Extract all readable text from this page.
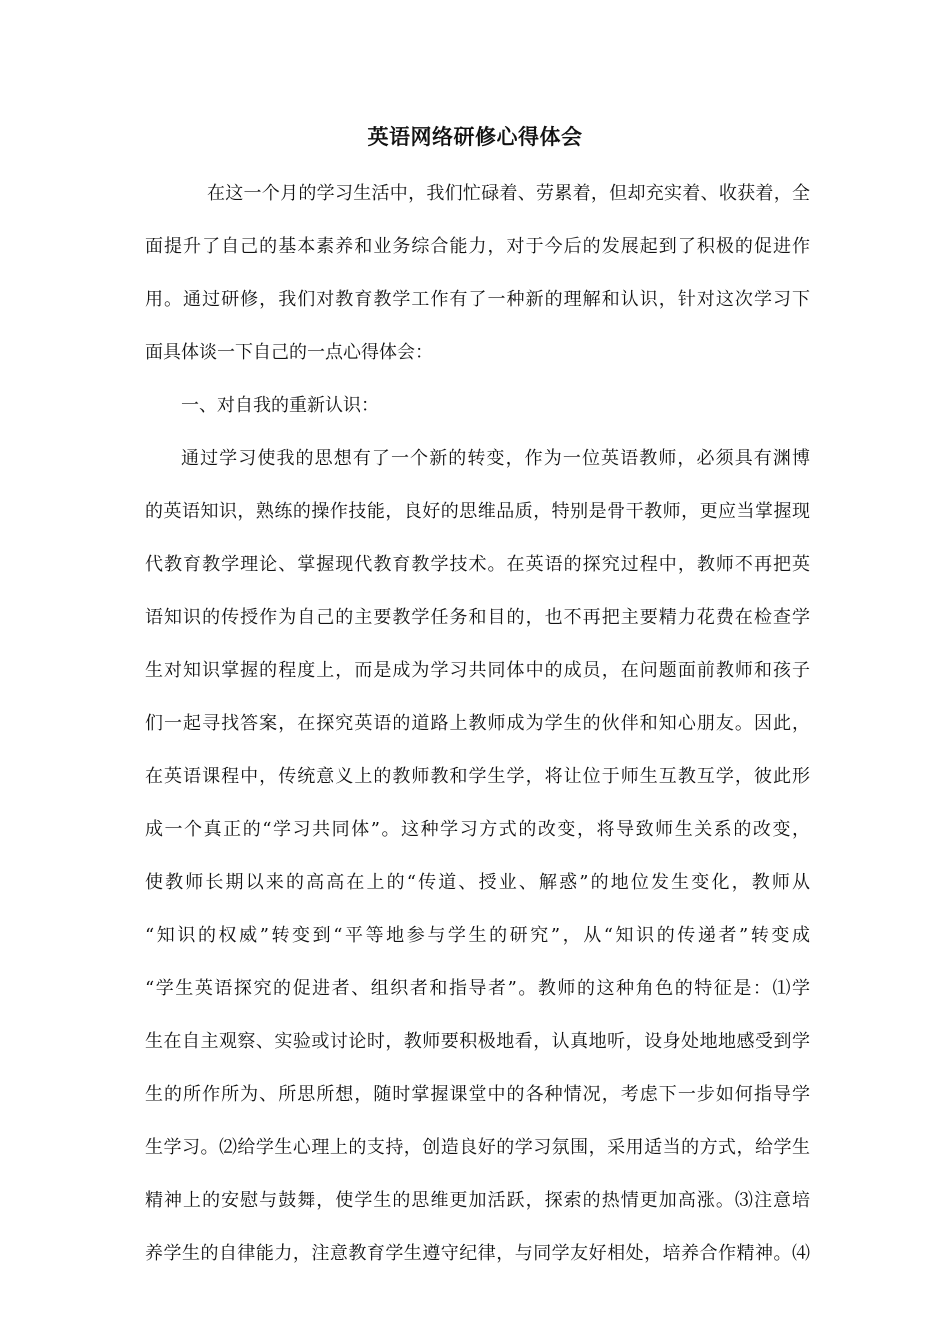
英语网络研修心得体会
在这一个月的学习生活中，我们忙碌着、劳累着，但却充实着、收获着，全
面提升了自己的基本素养和业务综合能力，对于今后的发展起到了积极的促进作
用。通过研修，我们对教育教学工作有了一种新的理解和认识，针对这次学习下
面具体谈一下自己的一点心得体会：
一、对自我的重新认识：
通过学习使我的思想有了一个新的转变，作为一位英语教师，必须具有渊博
的英语知识，熟练的操作技能，良好的思维品质，特别是骨干教师，更应当掌握现
代教育教学理论、掌握现代教育教学技术。在英语的探究过程中，教师不再把英
语知识的传授作为自己的主要教学任务和目的，也不再把主要精力花费在检查学
生对知识掌握的程度上，而是成为学习共同体中的成员，在问题面前教师和孩子
们一起寻找答案，在探究英语的道路上教师成为学生的伙伴和知心朋友。因此，
在英语课程中，传统意义上的教师教和学生学，将让位于师生互教互学，彼此形
成一个真正的“学习共同体”。这种学习方式的改变，将导致师生关系的改变，
使教师长期以来的高高在上的“传道、授业、解惑”的地位发生变化，教师从
“知识的权威”转变到“平等地参与学生的研究”，从“知识的传递者”转变成
“学生英语探究的促进者、组织者和指导者”。教师的这种角色的特征是：⑴学
生在自主观察、实验或讨论时，教师要积极地看，认真地听，设身处地地感受到学
生的所作所为、所思所想，随时掌握课堂中的各种情况，考虑下一步如何指导学
生学习。⑵给学生心理上的支持，创造良好的学习氛围，采用适当的方式，给学生
精神上的安慰与鼓舞，使学生的思维更加活跃，探索的热情更加高涨。⑶注意培
养学生的自律能力，注意教育学生遵守纪律，与同学友好相处，培养合作精神。⑷
